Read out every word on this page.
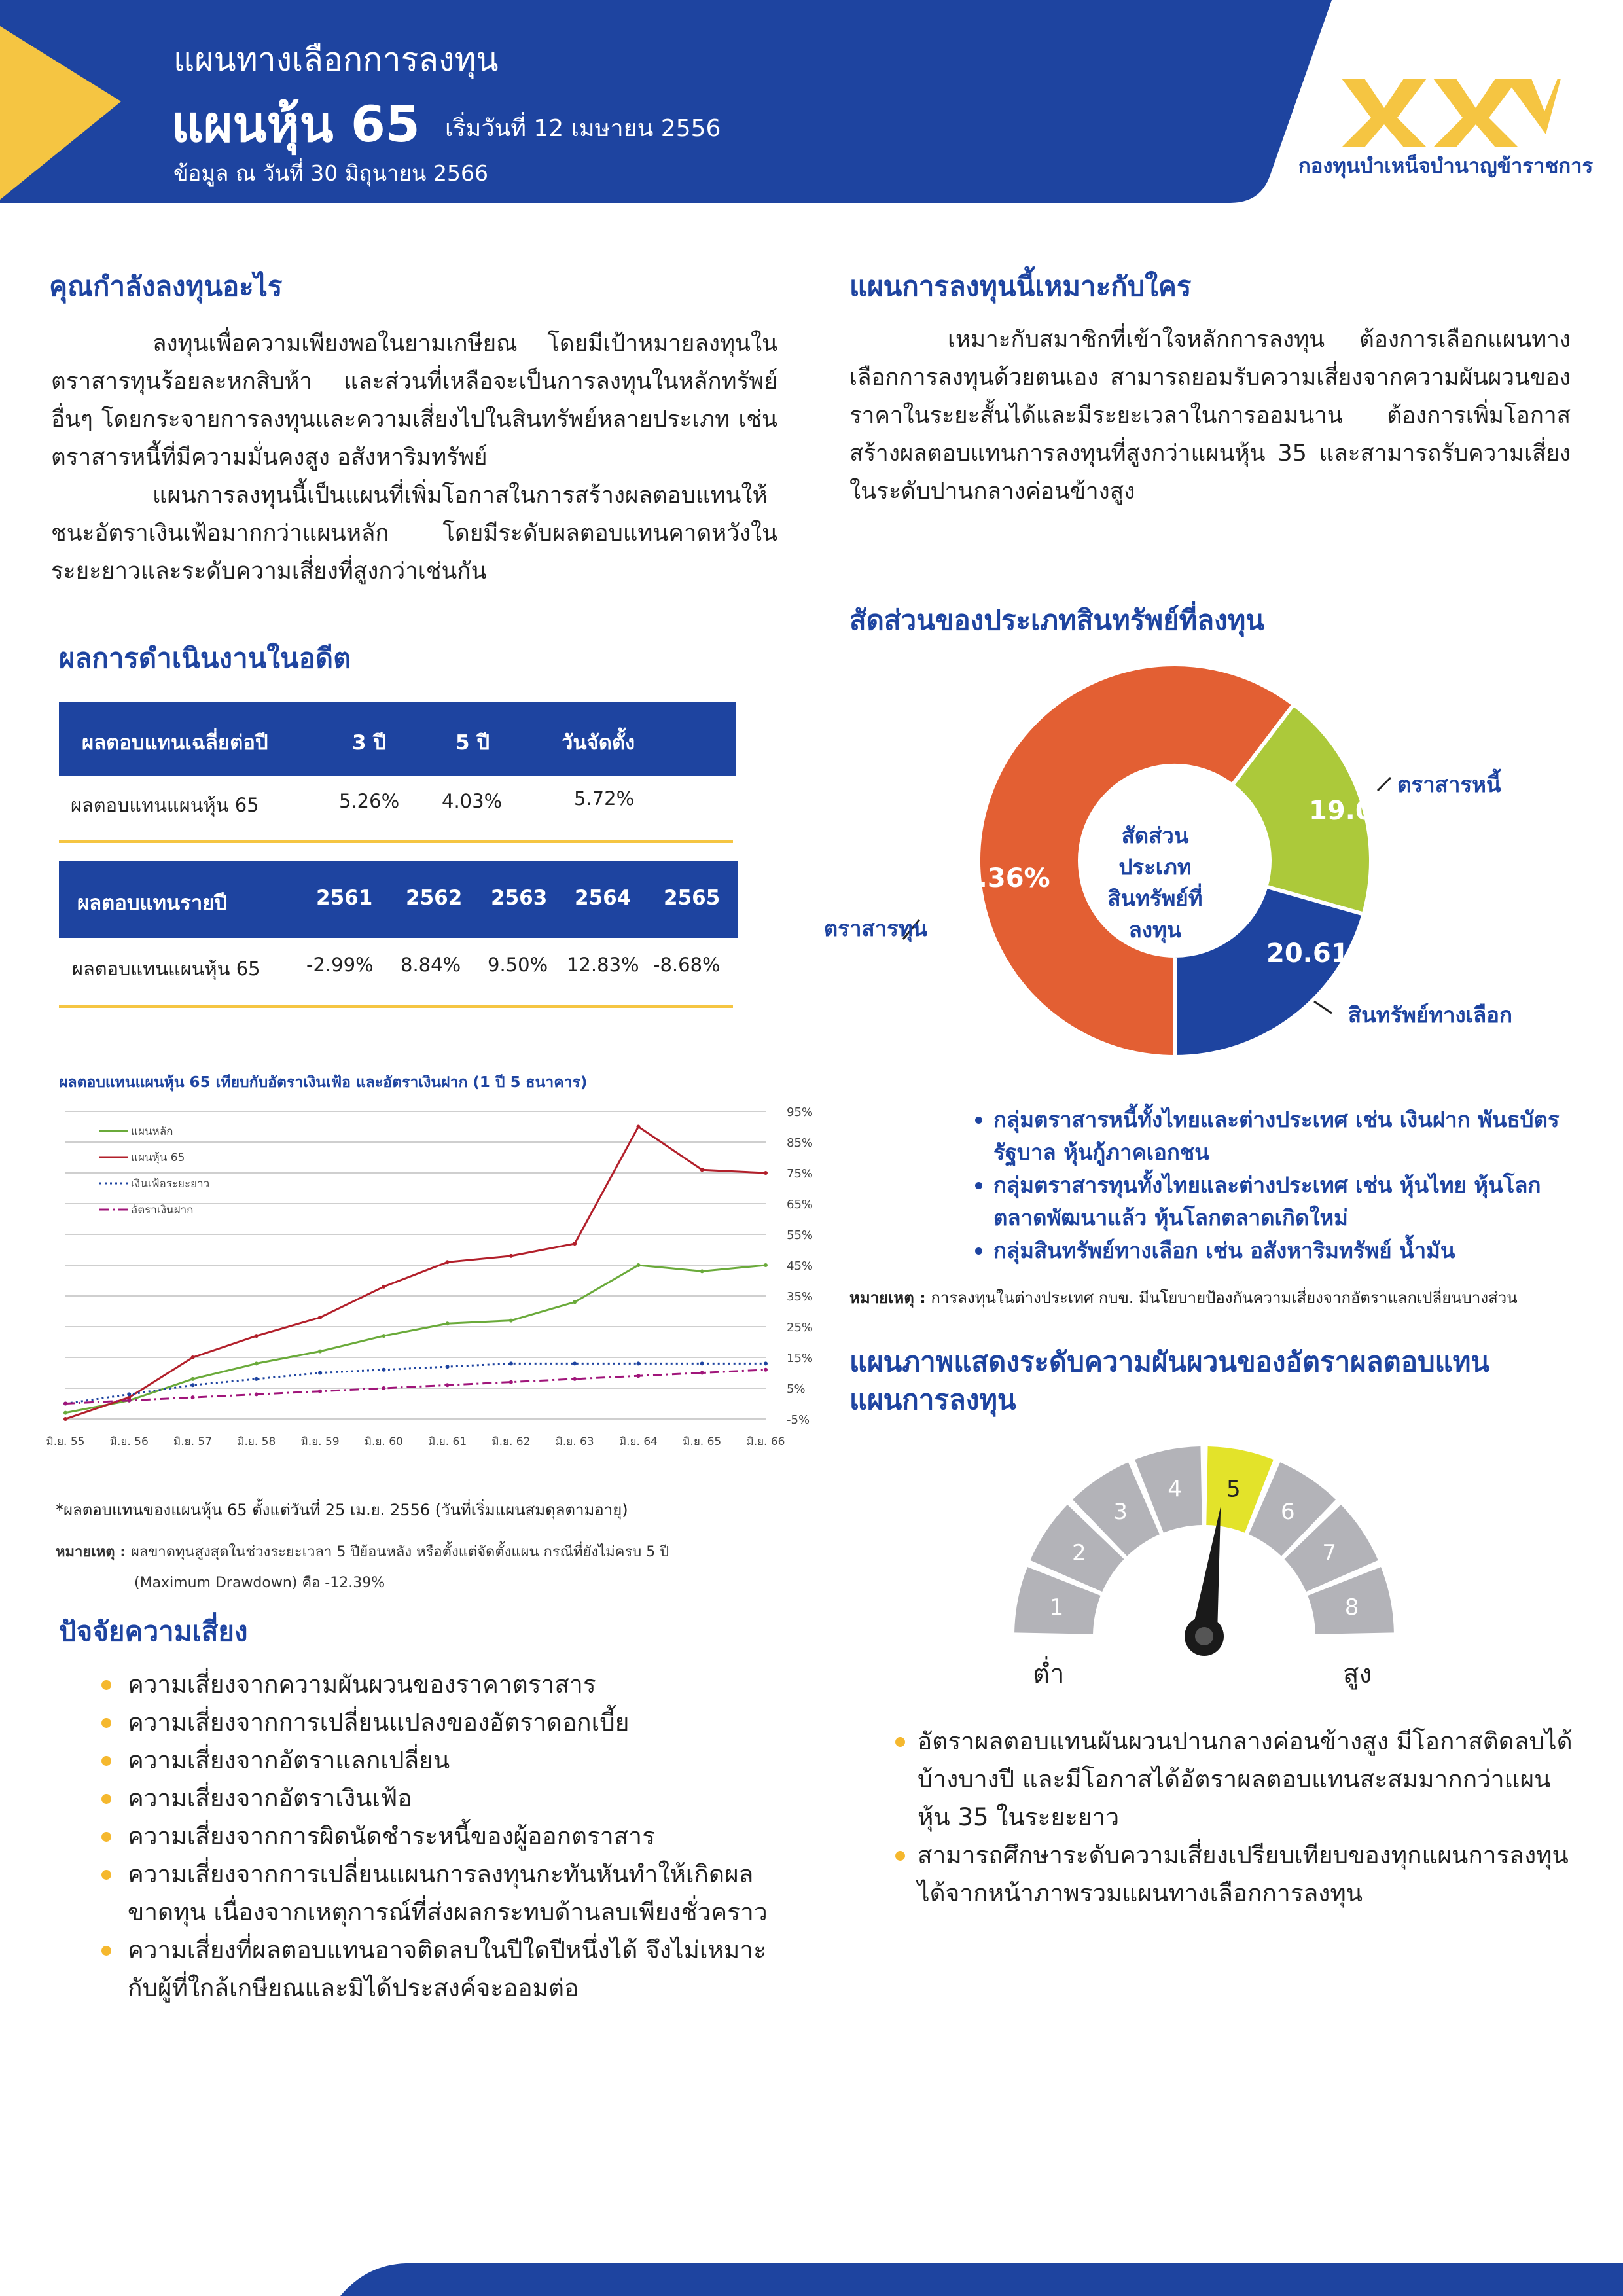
แผนทางเลือกการลงทุน
แผนหุ้น 65 เริ่มวันที่ 12 เมษายน 2556
ข้อมูล ณ วันที่ 30 มิถุนายน 2566	กองทุนบำเหน็จบำนาญข้าราชการ
คุณกำลังลงทุนอะไร
ลงทุนเพื่อความเพียงพอในยามเกษียณ โดยมีเป้าหมายลงทุนในตราสารทุนร้อยละหกสิบห้า และส่วนที่เหลือจะเป็นการลงทุนในหลักทรัพย์อื่นๆ โดยกระจายการลงทุนและความเสี่ยงไปในสินทรัพย์หลายประเภท เช่น ตราสารหนี้ที่มีความมั่นคงสูง อสังหาริมทรัพย์
แผนการลงทุนนี้เป็นแผนที่เพิ่มโอกาสในการสร้างผลตอบแทนให้ชนะอัตราเงินเฟ้อมากกว่าแผนหลัก โดยมีระดับผลตอบแทนคาดหวังในระยะยาวและระดับความเสี่ยงที่สูงกว่าเช่นกัน
แผนการลงทุนนี้เหมาะกับใคร
เหมาะกับสมาชิกที่เข้าใจหลักการลงทุน ต้องการเลือกแผนทางเลือกการลงทุนด้วยตนเอง สามารถยอมรับความเสี่ยงจากความผันผวนของราคาในระยะสั้นได้และมีระยะเวลาในการออมนาน ต้องการเพิ่มโอกาสสร้างผลตอบแทนการลงทุนที่สูงกว่าแผนหุ้น 35 และสามารถรับความเสี่ยงในระดับปานกลางค่อนข้างสูง
ผลการดำเนินงานในอดีต
ผลตอบแทนเฉลี่ยต่อปี	3 ปี	5 ปี	วันจัดตั้ง
ผลตอบแทนแผนหุ้น 65	5.26% 4.03%	5.72%
ผลตอบแทนรายปี	2561 2562 2563 2564 2565
ผลตอบแทนแผนหุ้น 65 -2.99% 8.84% 9.50% 12.83% -8.68%
ผลตอบแทนแผนหุ้น 65 เทียบกับอัตราเงินเฟ้อ และอัตราเงินฝาก (1 ปี 5 ธนาคาร)
95%
85%
75%
65%
55%
45%
35%
25%
15%
5%
-5%
มิ.ย. 55 มิ.ย. 56 มิ.ย. 57 มิ.ย. 58 มิ.ย. 59 มิ.ย. 60 มิ.ย. 61 มิ.ย. 62 มิ.ย. 63 มิ.ย. 64 มิ.ย. 65 มิ.ย. 66
แผนหลัก
แผนหุ้น 65
เงินเฟ้อระยะยาว
อัตราเงินฝาก
*ผลตอบแทนของแผนหุ้น 65 ตั้งแต่วันที่ 25 เม.ย. 2556 (วันที่เริ่มแผนสมดุลตามอายุ)
หมายเหตุ : ผลขาดทุนสูงสุดในช่วงระยะเวลา 5 ปีย้อนหลัง หรือตั้งแต่จัดตั้งแผน กรณีที่ยังไม่ครบ 5 ปี
(Maximum Drawdown) คือ -12.39%
ปัจจัยความเสี่ยง
ความเสี่ยงจากความผันผวนของราคาตราสาร
ความเสี่ยงจากการเปลี่ยนแปลงของอัตราดอกเบี้ย
ความเสี่ยงจากอัตราแลกเปลี่ยน
ความเสี่ยงจากอัตราเงินเฟ้อ
ความเสี่ยงจากการผิดนัดชำระหนี้ของผู้ออกตราสาร
ความเสี่ยงจากการเปลี่ยนแผนการลงทุนกะทันหันทำให้เกิดผลขาดทุน เนื่องจากเหตุการณ์ที่ส่งผลกระทบด้านลบเพียงชั่วคราว
ความเสี่ยงที่ผลตอบแทนอาจติดลบในปีใดปีหนึ่งได้ จึงไม่เหมาะกับผู้ที่ใกล้เกษียณและมิได้ประสงค์จะออมต่อ
สัดส่วนของประเภทสินทรัพย์ที่ลงทุน
60.36%
19.03%
20.61%
ตราสารทุน
ตราสารหนี้
สินทรัพย์ทางเลือก
สัดส่วนประเภท
สินทรัพย์ที่ลงทุน
กลุ่มตราสารหนี้ทั้งไทยและต่างประเทศ เช่น เงินฝาก พันธบัตรรัฐบาล หุ้นกู้ภาคเอกชน
กลุ่มตราสารทุนทั้งไทยและต่างประเทศ เช่น หุ้นไทย หุ้นโลกตลาดพัฒนาแล้ว หุ้นโลกตลาดเกิดใหม่
กลุ่มสินทรัพย์ทางเลือก เช่น อสังหาริมทรัพย์ น้ำมัน
หมายเหตุ : การลงทุนในต่างประเทศ กบข. มีนโยบายป้องกันความเสี่ยงจากอัตราแลกเปลี่ยนบางส่วน
แผนภาพแสดงระดับความผันผวนของอัตราผลตอบแทน
แผนการลงทุน
1
2
3
4 5
6
7
8
ต่ำ	สูง
อัตราผลตอบแทนผันผวนปานกลางค่อนข้างสูง มีโอกาสติดลบได้บ้างบางปี และมีโอกาสได้อัตราผลตอบแทนสะสมมากกว่าแผนหุ้น 35 ในระยะยาว
สามารถศึกษาระดับความเสี่ยงเปรียบเทียบของทุกแผนการลงทุนได้จากหน้าภาพรวมแผนทางเลือกการลงทุน
